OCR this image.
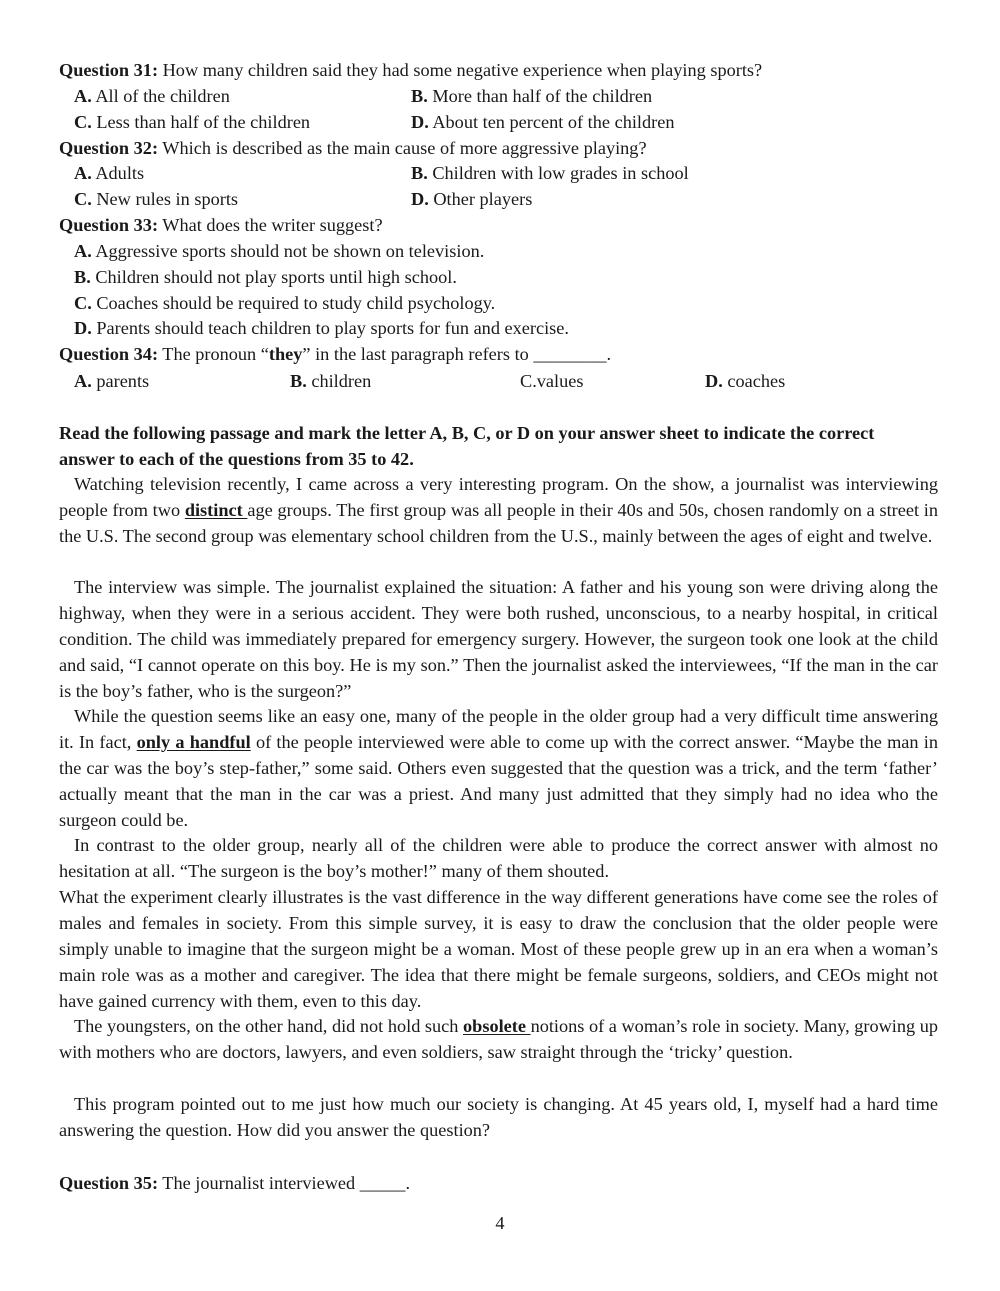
Question 31: How many children said they had some negative experience when playing sports?
A. All of the children	B. More than half of the children
C. Less than half of the children	D. About ten percent of the children
Question 32: Which is described as the main cause of more aggressive playing?
A. Adults	B. Children with low grades in school
C. New rules in sports	D. Other players
Question 33: What does the writer suggest?
A. Aggressive sports should not be shown on television.
B. Children should not play sports until high school.
C. Coaches should be required to study child psychology.
D. Parents should teach children to play sports for fun and exercise.
Question 34: The pronoun “they” in the last paragraph refers to ________.
A. parents	B. children	C.values	D. coaches
Read the following passage and mark the letter A, B, C, or D on your answer sheet to indicate the correct
answer to each of the questions from 35 to 42.
Watching television recently, I came across a very interesting program. On the show, a journalist was interviewing people from two distinct age groups. The first group was all people in their 40s and 50s, chosen randomly on a street in the U.S. The second group was elementary school children from the U.S., mainly between the ages of eight and twelve.
The interview was simple. The journalist explained the situation: A father and his young son were driving along the highway, when they were in a serious accident. They were both rushed, unconscious, to a nearby hospital, in critical condition. The child was immediately prepared for emergency surgery. However, the surgeon took one look at the child and said, “I cannot operate on this boy. He is my son.” Then the journalist asked the interviewees, “If the man in the car is the boy’s father, who is the surgeon?”
While the question seems like an easy one, many of the people in the older group had a very difficult time answering it. In fact, only a handful of the people interviewed were able to come up with the correct answer. “Maybe the man in the car was the boy’s step-father,” some said. Others even suggested that the question was a trick, and the term ‘father’ actually meant that the man in the car was a priest. And many just admitted that they simply had no idea who the surgeon could be.
In contrast to the older group, nearly all of the children were able to produce the correct answer with almost no hesitation at all. “The surgeon is the boy’s mother!” many of them shouted.
What the experiment clearly illustrates is the vast difference in the way different generations have come see the roles of males and females in society. From this simple survey, it is easy to draw the conclusion that the older people were simply unable to imagine that the surgeon might be a woman. Most of these people grew up in an era when a woman’s main role was as a mother and caregiver. The idea that there might be female surgeons, soldiers, and CEOs might not have gained currency with them, even to this day.
The youngsters, on the other hand, did not hold such obsolete notions of a woman’s role in society. Many, growing up with mothers who are doctors, lawyers, and even soldiers, saw straight through the ‘tricky’ question.
This program pointed out to me just how much our society is changing. At 45 years old, I, myself had a hard time answering the question. How did you answer the question?
Question 35: The journalist interviewed _____.
4
